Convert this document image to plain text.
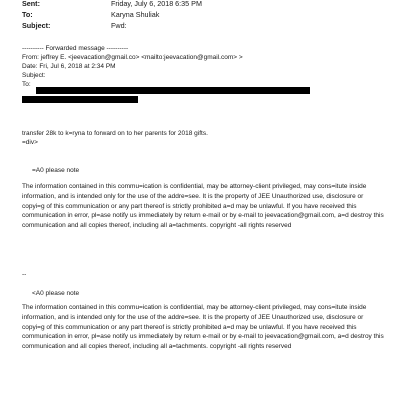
Sent:	Friday, July 6, 2018 6:35 PM
To:	Karyna Shuliak
Subject:	Fwd:
---------- Forwarded message ----------
From: jeffrey E. <jeevacation@gmail.co> <mailto:jeevacation@gmail.com> >
Date: Fri, Jul 6, 2018 at 2:34 PM
Subject:
To:
transfer 28k to k=ryna to forward on to her parents for 2018 gifts.
=div>
=A0 please note
The information contained in this commu=ication is confidential, may be attorney-client privileged, may cons=itute inside information, and is intended only for the use of the addre=see. It is the property of JEE Unauthorized use, disclosure or copyi=g of this communication or any part thereof is strictly prohibited a=d may be unlawful. If you have received this communication in error, pl=ase notify us immediately by return e-mail or by e-mail to jeevacation@gmail.com, a=d destroy this communication and all copies thereof, including all a=tachments. copyright -all rights reserved
--
<A0 please note
The information contained in this commu=ication is confidential, may be attorney-client privileged, may cons=itute inside information, and is intended only for the use of the addre=see. It is the property of JEE Unauthorized use, disclosure or copyi=g of this communication or any part thereof is strictly prohibited a=d may be unlawful. If you have received this communication in error, pl=ase notify us immediately by return e-mail or by e-mail to jeevacation@gmail.com, a=d destroy this communication and all copies thereof, including all a=tachments. copyright -all rights reserved
